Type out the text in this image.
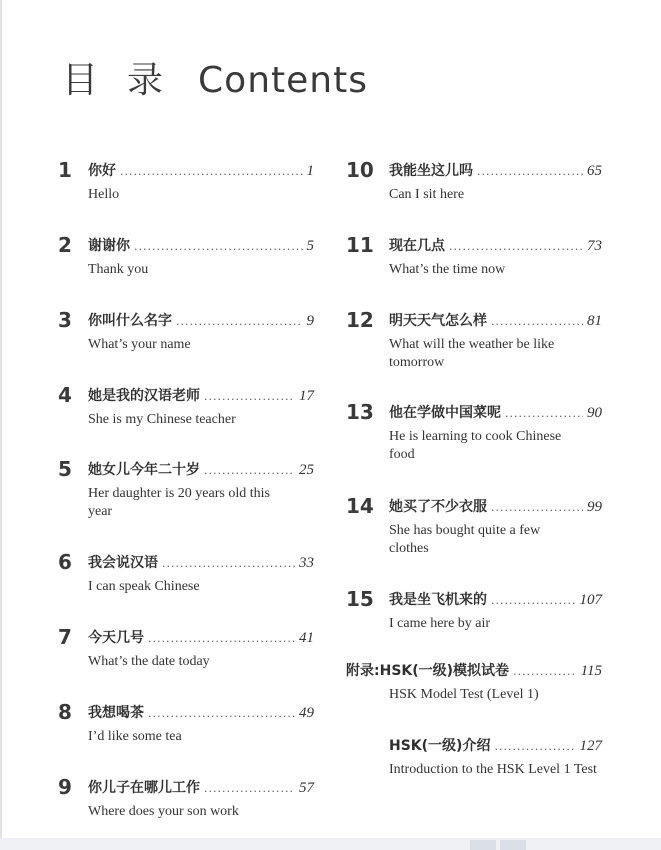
目 录 Contents
1 你好 .....	1
Hello
2 谢谢你 .....	5
Thank you
3 你叫什么名字 .....	9
What’s your name
4 她是我的汉语老师 .....	17
She is my Chinese teacher
5 她女儿今年二十岁 .....	25
Her daughter is 20 years old this year
6 我会说汉语 .....	33
I can speak Chinese
7 今天几号 .....	41
What’s the date today
8 我想喝茶 .....	49
I’d like some tea
9 你儿子在哪儿工作 .....	57
Where does your son work
10 我能坐这儿吗 .....	65
Can I sit here
11 现在几点 .....	73
What’s the time now
12 明天天气怎么样 .....	81
What will the weather be like tomorrow
13 他在学做中国菜呢 .....	90
He is learning to cook Chinese food
14 她买了不少衣服 .....	99
She has bought quite a few clothes
15 我是坐飞机来的 .....	107
I came here by air
附录: HSK(一级)模拟试卷 .....	115
HSK Model Test (Level 1)
HSK(一级)介绍 .....	127
Introduction to the HSK Level 1 Test
